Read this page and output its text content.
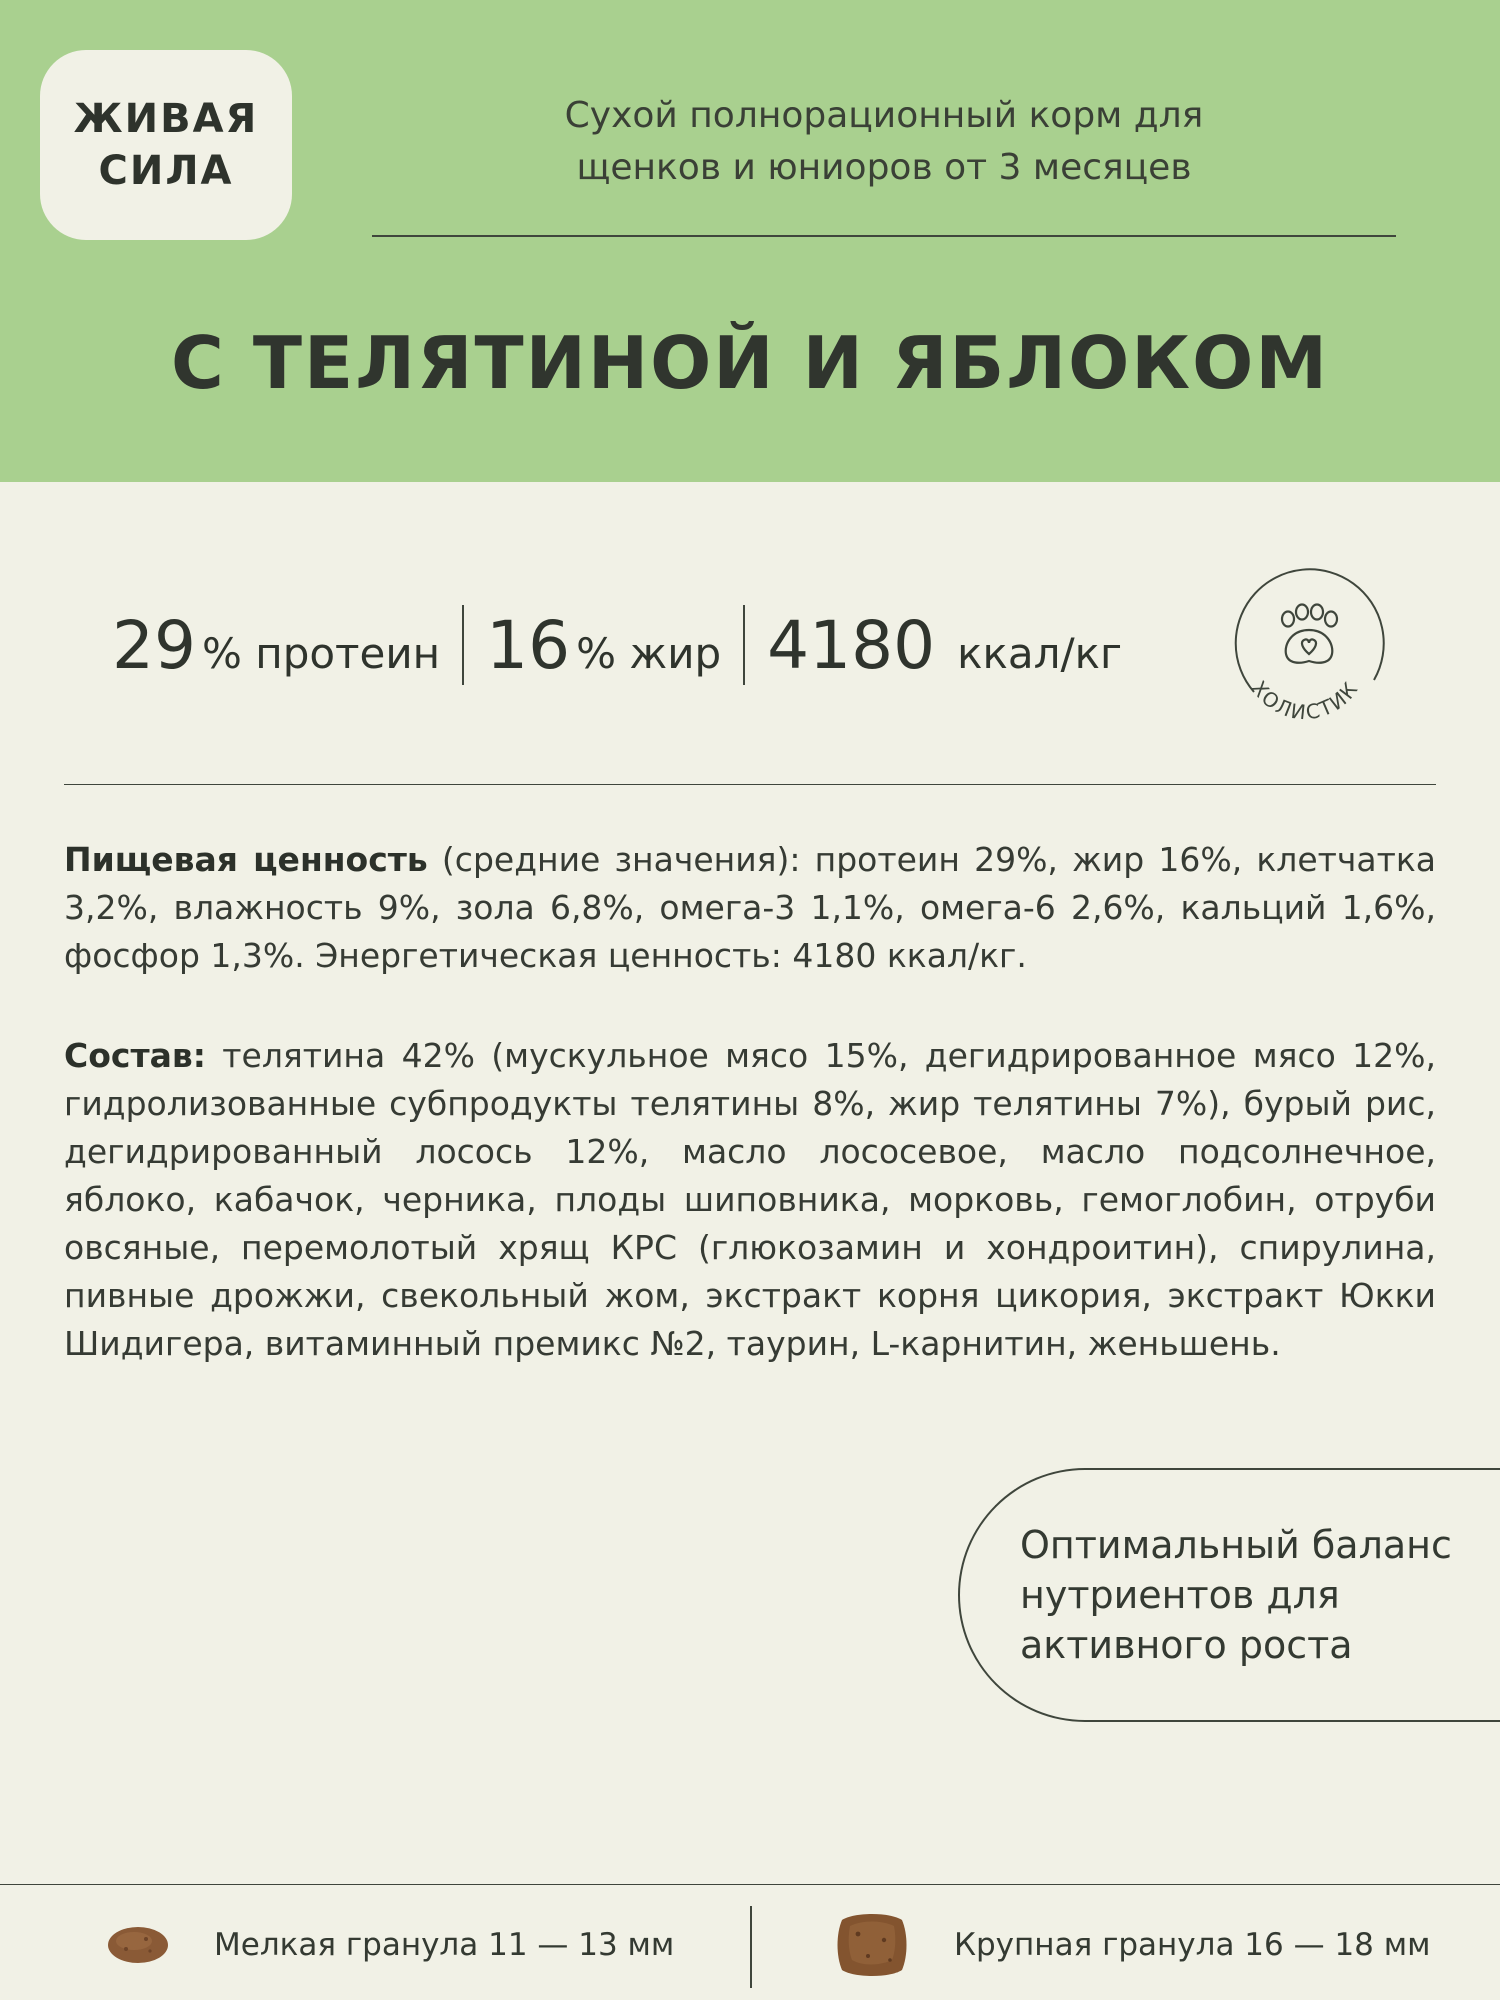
ЖИВАЯ
СИЛА
Сухой полнорационный корм для
щенков и юниоров от 3 месяцев
С ТЕЛЯТИНОЙ И ЯБЛОКОМ
29 % протеин 16 % жир 4180 ккал/кг
ХОЛИСТИК
Пищевая ценность (средние значения): протеин 29%, жир 16%, клетчатка 3,2%, влажность 9%, зола 6,8%, омега-3 1,1%, омега-6 2,6%, кальций 1,6%, фосфор 1,3%. Энергетическая ценность: 4180 ккал/кг.
Состав: телятина 42% (мускульное мясо 15%, дегидрированное мясо 12%, гидролизованные субпродукты телятины 8%, жир телятины 7%), бурый рис, дегидрированный лосось 12%, масло лососевое, масло подсолнечное, яблоко, кабачок, черника, плоды шиповника, морковь, гемоглобин, отруби овсяные, перемолотый хрящ КРС (глюкозамин и хондроитин), спирулина, пивные дрожжи, свекольный жом, экстракт корня цикория, экстракт Юкки Шидигера, витаминный премикс №2, таурин, L-карнитин, женьшень.
Оптимальный баланс
нутриентов для
активного роста
Мелкая гранула 11 — 13 мм	Крупная гранула 16 — 18 мм
